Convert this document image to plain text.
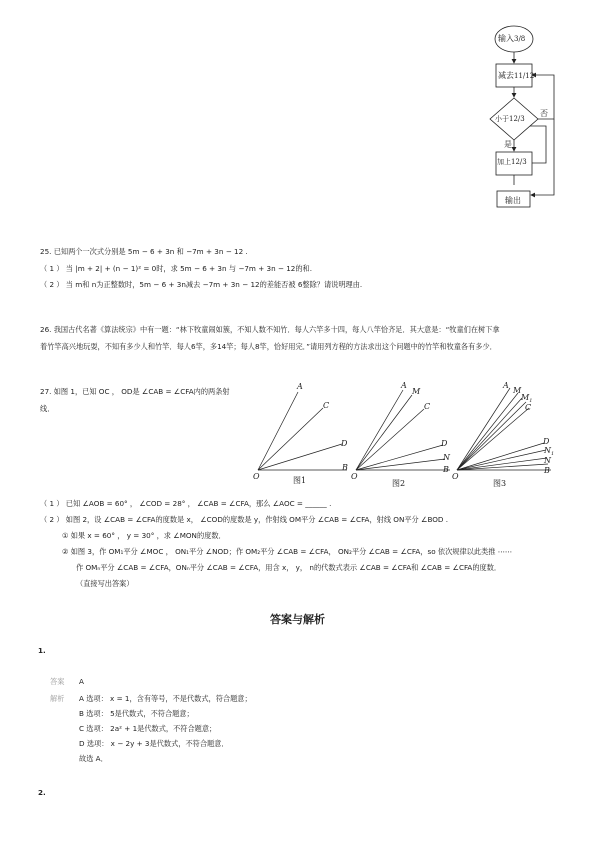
输入3/8
减去11/12
小于12/3
否
是
加上12/3
输出
25. 已知两个一次式分别是 5m − 6 + 3n 和 −7m + 3n − 12 .
（ 1 ） 当 |m + 2| + (n − 1)² = 0时，求 5m − 6 + 3n 与 −7m + 3n − 12的和.
（ 2 ） 当 m和 n为正整数时，5m − 6 + 3n减去 −7m + 3n − 12的差能否被 6整除？请说明理由.
26. 我国古代名著《算法统宗》中有一题：“林下牧童闹如簇，不知人数不知竹．每人六竿多十四，每人八竿恰齐足．其大意是：“牧童们在树下拿
着竹竿高兴地玩耍，不知有多少人和竹竿．每人6竿，多14竿；每人8竿，恰好用完．”请用列方程的方法求出这个问题中的竹竿和牧童各有多少．
27. 如图 1，已知 OC ， OD是 ∠CAB = ∠CFA内的两条射
线．
O
A
C
D
B
O
A
M
C
D
N
B
O
A
M
$M_1$
C
D
$N_1$
N
B
图1	图2	图3
（ 1 ） 已知 ∠AOB = 60° ， ∠COD = 28° ， ∠CAB = ∠CFA，那么 ∠AOC = ______ .
（ 2 ） 如图 2，设 ∠CAB = ∠CFA的度数是 x， ∠COD的度数是 y，作射线 OM平分 ∠CAB = ∠CFA，射线 ON平分 ∠BOD .
① 如果 x = 60° ， y = 30° ，求 ∠MON的度数．
② 如图 3，作 OM₁平分 ∠MOC ， ON₁平分 ∠NOD；作 OM₂平分 ∠CAB = ∠CFA， ON₂平分 ∠CAB = ∠CFA，so 依次规律以此类推 ⋯⋯
作 OMₙ平分 ∠CAB = ∠CFA，ONₙ平分 ∠CAB = ∠CFA，用含 x， y， n的代数式表示 ∠CAB = ∠CFA和 ∠CAB = ∠CFA的度数．
（直接写出答案）
答案与解析
1.
答案 A
解析 A 选项： x = 1，含有等号，不是代数式，符合题意；
B 选项： 5是代数式，不符合题意；
C 选项： 2a² + 1是代数式，不符合题意；
D 选项： x − 2y + 3是代数式，不符合题意．
故选 A．
2.
